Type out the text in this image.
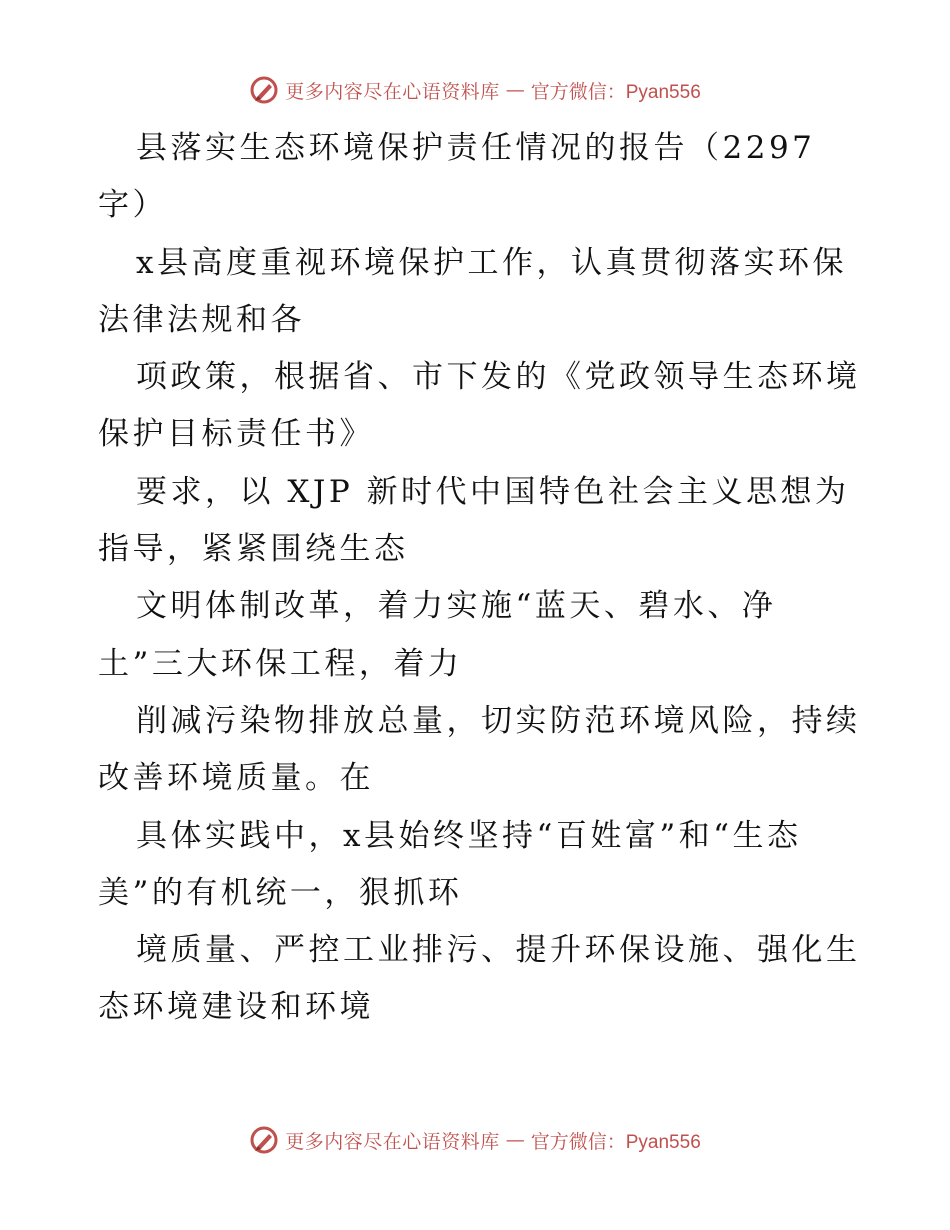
更多内容尽在心语资料库 — 官方微信：Pyan556
县落实生态环境保护责任情况的报告（2297
字）
x县高度重视环境保护工作，认真贯彻落实环保
法律法规和各
项政策，根据省、市下发的《党政领导生态环境
保护目标责任书》
要求，以 XJP 新时代中国特色社会主义思想为
指导，紧紧围绕生态
文明体制改革，着力实施“蓝天、碧水、净
土”三大环保工程，着力
削减污染物排放总量，切实防范环境风险，持续
改善环境质量。在
具体实践中，x县始终坚持“百姓富”和“生态
美”的有机统一，狠抓环
境质量、严控工业排污、提升环保设施、强化生
态环境建设和环境
更多内容尽在心语资料库 — 官方微信：Pyan556
